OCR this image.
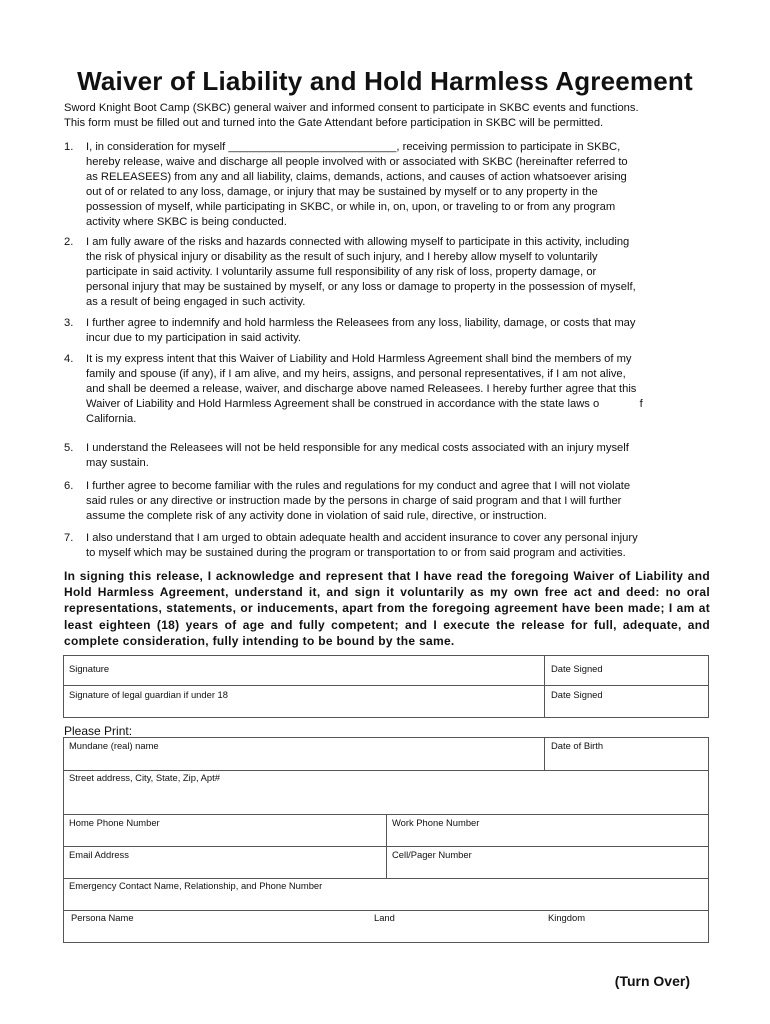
Waiver of Liability and Hold Harmless Agreement
Sword Knight Boot Camp (SKBC) general waiver and informed consent to participate in SKBC events and functions.
This form must be filled out and turned into the Gate Attendant before participation in SKBC will be permitted.
1. I, in consideration for myself ___________________________, receiving permission to participate in SKBC,
hereby release, waive and discharge all people involved with or associated with SKBC (hereinafter referred to
as RELEASEES) from any and all liability, claims, demands, actions, and causes of action whatsoever arising
out of or related to any loss, damage, or injury that may be sustained by myself or to any property in the
possession of myself, while participating in SKBC, or while in, on, upon, or traveling to or from any program
activity where SKBC is being conducted.
2. I am fully aware of the risks and hazards connected with allowing myself to participate in this activity, including
the risk of physical injury or disability as the result of such injury, and I hereby allow myself to voluntarily
participate in said activity. I voluntarily assume full responsibility of any risk of loss, property damage, or
personal injury that may be sustained by myself, or any loss or damage to property in the possession of myself,
as a result of being engaged in such activity.
3. I further agree to indemnify and hold harmless the Releasees from any loss, liability, damage, or costs that may
incur due to my participation in said activity.
4. It is my express intent that this Waiver of Liability and Hold Harmless Agreement shall bind the members of my
family and spouse (if any), if I am alive, and my heirs, assigns, and personal representatives, if I am not alive,
and shall be deemed a release, waiver, and discharge above named Releasees. I hereby further agree that this
Waiver of Liability and Hold Harmless Agreement shall be construed in accordance with the state laws o             f
California.
5. I understand the Releasees will not be held responsible for any medical costs associated with an injury myself
may sustain.
6. I further agree to become familiar with the rules and regulations for my conduct and agree that I will not violate
said rules or any directive or instruction made by the persons in charge of said program and that I will further
assume the complete risk of any activity done in violation of said rule, directive, or instruction.
7. I also understand that I am urged to obtain adequate health and accident insurance to cover any personal injury
to myself which may be sustained during the program or transportation to or from said program and activities.
In signing this release, I acknowledge and represent that I have read the foregoing Waiver of Liability and Hold Harmless Agreement, understand it, and sign it voluntarily as my own free act and deed: no oral representations, statements, or inducements, apart from the foregoing agreement have been made; I am at least eighteen (18) years of age and fully competent; and I execute the release for full, adequate, and complete consideration, fully intending to be bound by the same.
Signature	Date Signed
Signature of legal guardian if under 18	Date Signed
Please Print:
Mundane (real) name	Date of Birth
Street address, City, State, Zip, Apt#
Home Phone Number	Work Phone Number
Email Address	Cell/Pager Number
Emergency Contact Name, Relationship, and Phone Number
Persona Name	Land	Kingdom
(Turn Over)
